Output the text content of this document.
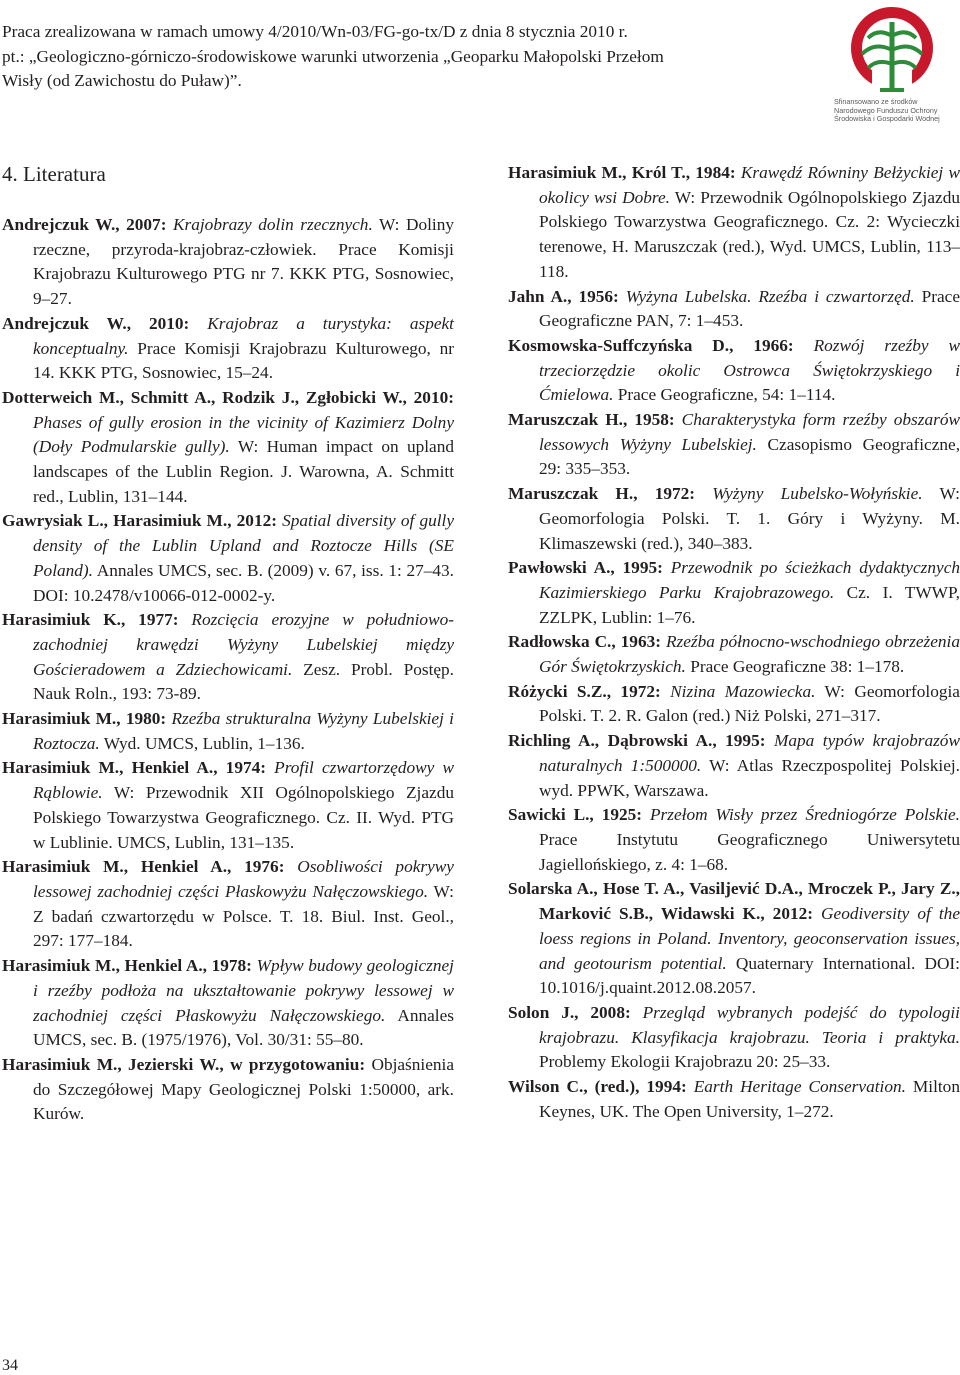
Praca zrealizowana w ramach umowy 4/2010/Wn-03/FG-go-tx/D z dnia 8 stycznia 2010 r.
pt.: „Geologiczno-górniczo-środowiskowe warunki utworzenia „Geoparku Małopolski Przełom
Wisły (od Zawichostu do Puław)”.
Sfinansowano ze środków
Narodowego Funduszu Ochrony
Środowiska i Gospodarki Wodnej
4. Literatura
Andrejczuk W., 2007: Krajobrazy dolin rzecznych. W: Doliny rzeczne, przyroda-krajobraz-człowiek. Prace Komisji Krajobrazu Kulturowego PTG nr 7. KKK PTG, Sosnowiec, 9–27.
Andrejczuk W., 2010: Krajobraz a turystyka: aspekt konceptualny. Prace Komisji Krajobrazu Kulturowego, nr 14. KKK PTG, Sosnowiec, 15–24.
Dotterweich M., Schmitt A., Rodzik J., Zgłobicki W., 2010: Phases of gully erosion in the vicinity of Kazimierz Dolny (Doły Podmularskie gully). W: Human impact on upland landscapes of the Lublin Region. J. Warowna, A. Schmitt red., Lublin, 131–144.
Gawrysiak L., Harasimiuk M., 2012: Spatial diversity of gully density of the Lublin Upland and Roztocze Hills (SE Poland). Annales UMCS, sec. B. (2009) v. 67, iss. 1: 27–43. DOI: 10.2478/v10066-012-0002-y.
Harasimiuk K., 1977: Rozcięcia erozyjne w południowo-zachodniej krawędzi Wyżyny Lubelskiej między Gościeradowem a Zdziechowicami. Zesz. Probl. Postęp. Nauk Roln., 193: 73-89.
Harasimiuk M., 1980: Rzeźba strukturalna Wyżyny Lubelskiej i Roztocza. Wyd. UMCS, Lublin, 1–136.
Harasimiuk M., Henkiel A., 1974: Profil czwartorzędowy w Rąblowie. W: Przewodnik XII Ogólnopolskiego Zjazdu Polskiego Towarzystwa Geograficznego. Cz. II. Wyd. PTG w Lublinie. UMCS, Lublin, 131–135.
Harasimiuk M., Henkiel A., 1976: Osobliwości pokrywy lessowej zachodniej części Płaskowyżu Nałęczowskiego. W: Z badań czwartorzędu w Polsce. T. 18. Biul. Inst. Geol., 297: 177–184.
Harasimiuk M., Henkiel A., 1978: Wpływ budowy geologicznej i rzeźby podłoża na ukształtowanie pokrywy lessowej w zachodniej części Płaskowyżu Nałęczowskiego. Annales UMCS, sec. B. (1975/1976), Vol. 30/31: 55–80.
Harasimiuk M., Jezierski W., w przygotowaniu: Objaśnienia do Szczegółowej Mapy Geologicznej Polski 1:50000, ark. Kurów.
Harasimiuk M., Król T., 1984: Krawędź Równiny Bełżyckiej w okolicy wsi Dobre. W: Przewodnik Ogólnopolskiego Zjazdu Polskiego Towarzystwa Geograficznego. Cz. 2: Wycieczki terenowe, H. Maruszczak (red.), Wyd. UMCS, Lublin, 113–118.
Jahn A., 1956: Wyżyna Lubelska. Rzeźba i czwartorzęd. Prace Geograficzne PAN, 7: 1–453.
Kosmowska-Suffczyńska D., 1966: Rozwój rzeźby w trzeciorzędzie okolic Ostrowca Świętokrzyskiego i Ćmielowa. Prace Geograficzne, 54: 1–114.
Maruszczak H., 1958: Charakterystyka form rzeźby obszarów lessowych Wyżyny Lubelskiej. Czasopismo Geograficzne, 29: 335–353.
Maruszczak H., 1972: Wyżyny Lubelsko-Wołyńskie. W: Geomorfologia Polski. T. 1. Góry i Wyżyny. M. Klimaszewski (red.), 340–383.
Pawłowski A., 1995: Przewodnik po ścieżkach dydaktycznych Kazimierskiego Parku Krajobrazowego. Cz. I. TWWP, ZZLPK, Lublin: 1–76.
Radłowska C., 1963: Rzeźba północno-wschodniego obrzeżenia Gór Świętokrzyskich. Prace Geograficzne 38: 1–178.
Różycki S.Z., 1972: Nizina Mazowiecka. W: Geomorfologia Polski. T. 2. R. Galon (red.) Niż Polski, 271–317.
Richling A., Dąbrowski A., 1995: Mapa typów krajobrazów naturalnych 1:500000. W: Atlas Rzeczpospolitej Polskiej. wyd. PPWK, Warszawa.
Sawicki L., 1925: Przełom Wisły przez Średniogórze Polskie. Prace Instytutu Geograficznego Uniwersytetu Jagiellońskiego, z. 4: 1–68.
Solarska A., Hose T. A., Vasiljević D.A., Mroczek P., Jary Z., Marković S.B., Widawski K., 2012: Geodiversity of the loess regions in Poland. Inventory, geoconservation issues, and geotourism potential. Quaternary International. DOI: 10.1016/j.quaint.2012.08.2057.
Solon J., 2008: Przegląd wybranych podejść do typologii krajobrazu. Klasyfikacja krajobrazu. Teoria i praktyka. Problemy Ekologii Krajobrazu 20: 25–33.
Wilson C., (red.), 1994: Earth Heritage Conservation. Milton Keynes, UK. The Open University, 1–272.
34
